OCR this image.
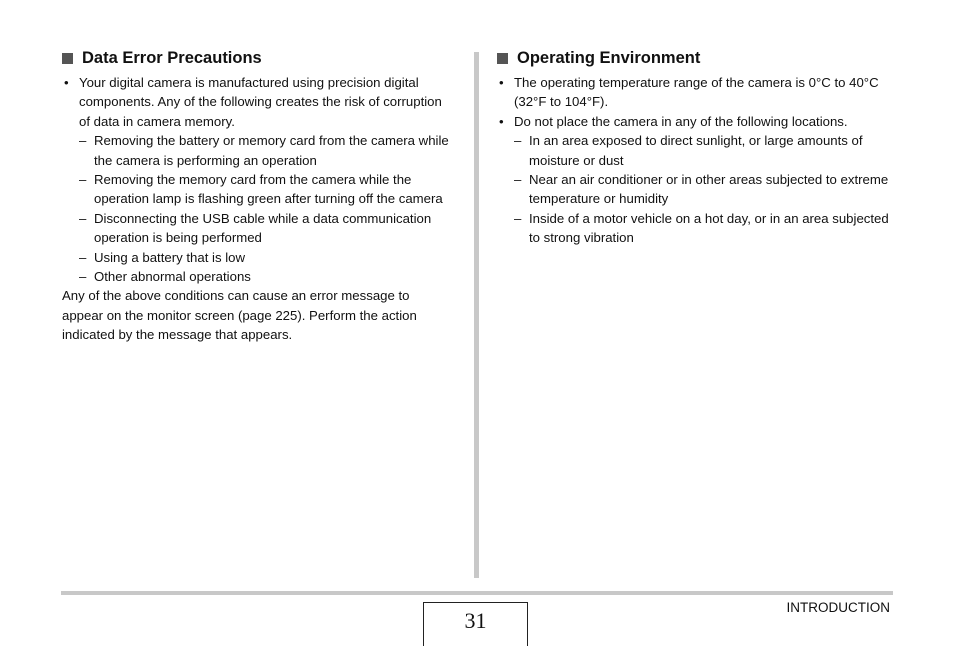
Data Error Precautions
• Your digital camera is manufactured using precision digital components. Any of the following creates the risk of corruption of data in camera memory.
– Removing the battery or memory card from the camera while the camera is performing an operation
– Removing the memory card from the camera while the operation lamp is flashing green after turning off the camera
– Disconnecting the USB cable while a data communication operation is being performed
– Using a battery that is low
– Other abnormal operations
Any of the above conditions can cause an error message to appear on the monitor screen (page 225). Perform the action indicated by the message that appears.
Operating Environment
• The operating temperature range of the camera is 0°C to 40°C (32°F to 104°F).
• Do not place the camera in any of the following locations.
– In an area exposed to direct sunlight, or large amounts of moisture or dust
– Near an air conditioner or in other areas subjected to extreme temperature or humidity
– Inside of a motor vehicle on a hot day, or in an area subjected to strong vibration
INTRODUCTION
31
